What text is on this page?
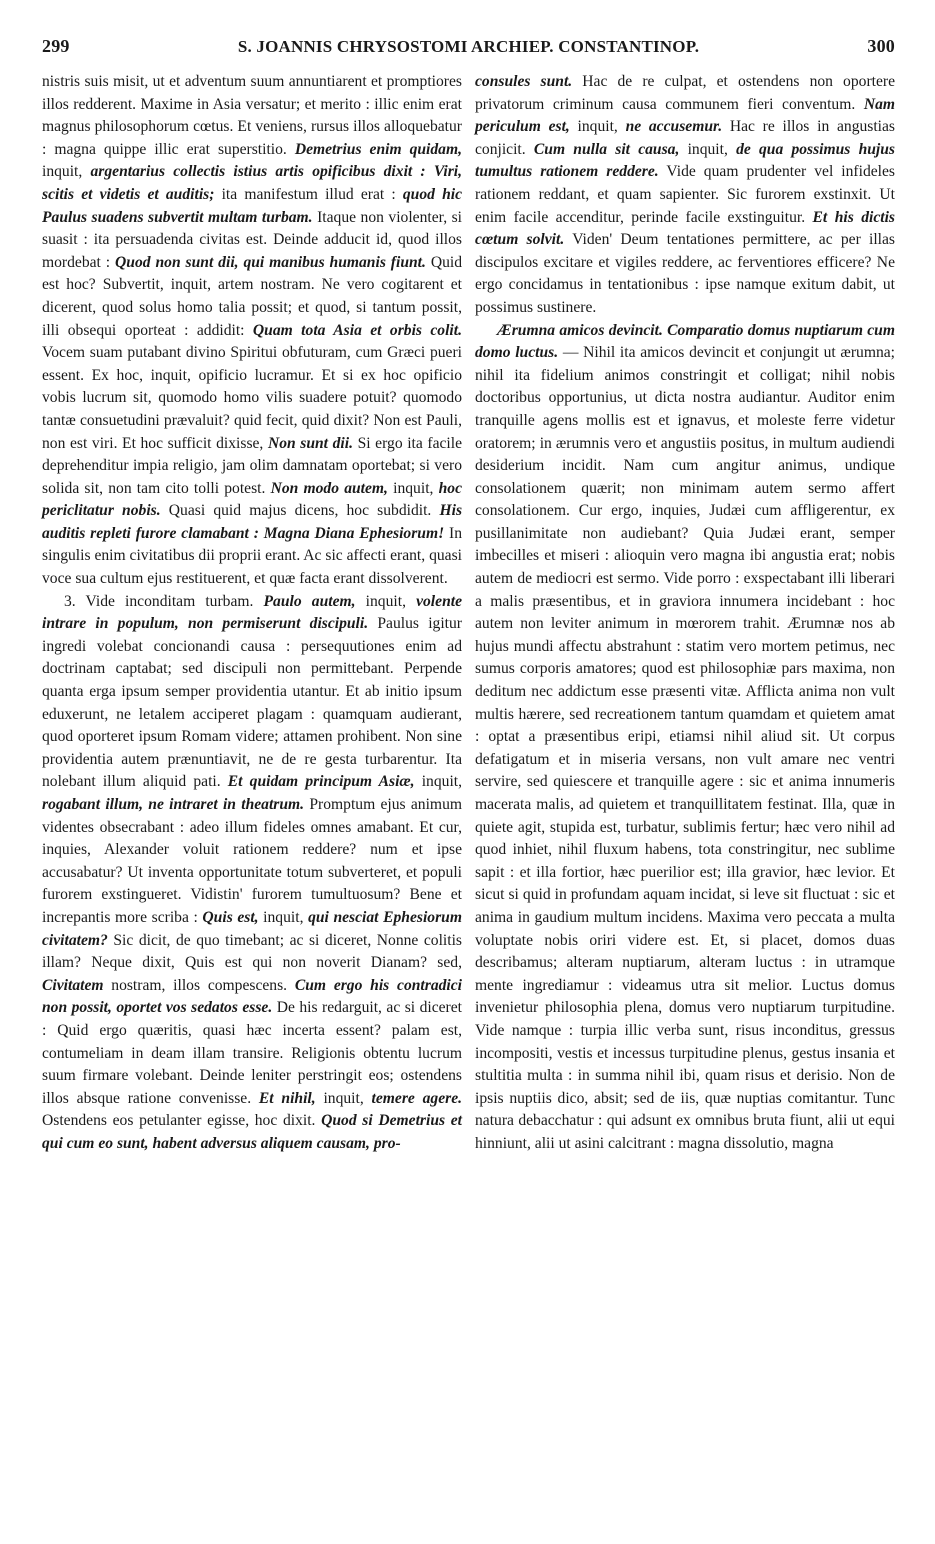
299	S. JOANNIS CHRYSOSTOMI ARCHIEP. CONSTANTINOP.	300

nistris suis misit, ut et adventum suum annuntiarent et promptiores illos redderent. Maxime in Asia versatur; et merito : illic enim erat magnus philosophorum cœtus. Et veniens, rursus illos alloquebatur : magna quippe illic erat superstitio. Demetrius enim quidam, inquit, argentarius collectis istius artis opificibus dixit : Viri, scitis et videtis et auditis; ita manifestum illud erat : quod hic Paulus suadens subvertit multam turbam. Itaque non violenter, si suasit : ita persuadenda civitas est. Deinde adducit id, quod illos mordebat : Quod non sunt dii, qui manibus humanis fiunt. Quid est hoc? Subvertit, inquit, artem nostram. Ne vero cogitarent et dicerent, quod solus homo talia possit; et quod, si tantum possit, illi obsequi oporteat : addidit: Quam tota Asia et orbis colit. Vocem suam putabant divino Spiritui obfuturam, cum Græci pueri essent. Ex hoc, inquit, opificio lucramur. Et si ex hoc opificio vobis lucrum sit, quomodo homo vilis suadere potuit? quomodo tantæ consuetudini prævaluit? quid fecit, quid dixit? Non est Pauli, non est viri. Et hoc sufficit dixisse, Non sunt dii. Si ergo ita facile deprehenditur impia religio, jam olim damnatam oportebat; si vero solida sit, non tam cito tolli potest. Non modo autem, inquit, hoc periclitatur nobis. Quasi quid majus dicens, hoc subdidit. His auditis repleti furore clamabant : Magna Diana Ephesiorum! In singulis enim civitatibus dii proprii erant. Ac sic affecti erant, quasi voce sua cultum ejus restituerent, et quæ facta erant dissolverent.

3. Vide inconditam turbam. Paulo autem, inquit, volente intrare in populum, non permiserunt discipuli. Paulus igitur ingredi volebat concionandi causa : persequutiones enim ad doctrinam captabat; sed discipuli non permittebant. Perpende quanta erga ipsum semper providentia utantur. Et ab initio ipsum eduxerunt, ne letalem acciperet plagam : quamquam audierant, quod oporteret ipsum Romam videre; attamen prohibent. Non sine providentia autem prænuntiavit, ne de re gesta turbarentur. Ita nolebant illum aliquid pati. Et quidam principum Asiæ, inquit, rogabant illum, ne intraret in theatrum. Promptum ejus animum videntes obsecrabant : adeo illum fideles omnes amabant. Et cur, inquies, Alexander voluit rationem reddere? num et ipse accusabatur? Ut inventa opportunitate totum subverteret, et populi furorem exstingueret. Vidistin' furorem tumultuosum? Bene et increpantis more scriba : Quis est, inquit, qui nesciat Ephesiorum civitatem? Sic dicit, de quo timebant; ac si diceret, Nonne colitis illam? Neque dixit, Quis est qui non noverit Dianam? sed, Civitatem nostram, illos compescens. Cum ergo his contradici non possit, oportet vos sedatos esse. De his redarguit, ac si diceret : Quid ergo quæritis, quasi hæc incerta essent? palam est, contumeliam in deam illam transire. Religionis obtentu lucrum suum firmare volebant. Deinde leniter perstringit eos; ostendens illos absque ratione convenisse. Et nihil, inquit, temere agere. Ostendens eos petulanter egisse, hoc dixit. Quod si Demetrius et qui cum eo sunt, habent adversus aliquem causam, pro-

consules sunt. Hac de re culpat, et ostendens non oportere privatorum criminum causa communem fieri conventum. Nam periculum est, inquit, ne accusemur. Hac re illos in angustias conjicit. Cum nulla sit causa, inquit, de qua possimus hujus tumultus rationem reddere. Vide quam prudenter vel infideles rationem reddant, et quam sapienter. Sic furorem exstinxit. Ut enim facile accenditur, perinde facile exstinguitur. Et his dictis cœtum solvit. Viden' Deum tentationes permittere, ac per illas discipulos excitare et vigiles reddere, ac ferventiores efficere? Ne ergo concidamus in tentationibus : ipse namque exitum dabit, ut possimus sustinere.

Ærumna amicos devincit. Comparatio domus nuptiarum cum domo luctus. — Nihil ita amicos devincit et conjungit ut ærumna; nihil ita fidelium animos constringit et colligat; nihil nobis doctoribus opportunius, ut dicta nostra audiantur. Auditor enim tranquille agens mollis est et ignavus, et moleste ferre videtur oratorem; in ærumnis vero et angustiis positus, in multum audiendi desiderium incidit. Nam cum angitur animus, undique consolationem quærit; non minimam autem sermo affert consolationem. Cur ergo, inquies, Judæi cum affligerentur, ex pusillanimitate non audiebant? Quia Judæi erant, semper imbecilles et miseri : alioquin vero magna ibi angustia erat; nobis autem de mediocri est sermo. Vide porro : exspectabant illi liberari a malis præsentibus, et in graviora innumera incidebant : hoc autem non leviter animum in mœrorem trahit. Ærumnæ nos ab hujus mundi affectu abstrahunt : statim vero mortem petimus, nec sumus corporis amatores; quod est philosophiæ pars maxima, non deditum nec addictum esse præsenti vitæ. Afflicta anima non vult multis hærere, sed recreationem tantum quamdam et quietem amat : optat a præsentibus eripi, etiamsi nihil aliud sit. Ut corpus defatigatum et in miseria versans, non vult amare nec ventri servire, sed quiescere et tranquille agere : sic et anima innumeris macerata malis, ad quietem et tranquillitatem festinat. Illa, quæ in quiete agit, stupida est, turbatur, sublimis fertur; hæc vero nihil ad quod inhiet, nihil fluxum habens, tota constringitur, nec sublime sapit : et illa fortior, hæc puerilior est; illa gravior, hæc levior. Et sicut si quid in profundam aquam incidat, si leve sit fluctuat : sic et anima in gaudium multum incidens. Maxima vero peccata a multa voluptate nobis oriri videre est. Et, si placet, domos duas describamus; alteram nuptiarum, alteram luctus : in utramque mente ingrediamur : videamus utra sit melior. Luctus domus invenietur philosophia plena, domus vero nuptiarum turpitudine. Vide namque : turpia illic verba sunt, risus inconditus, gressus incompositi, vestis et incessus turpitudine plenus, gestus insania et stultitia multa : in summa nihil ibi, quam risus et derisio. Non de ipsis nuptiis dico, absit; sed de iis, quæ nuptias comitantur. Tunc natura debacchatur : qui adsunt ex omnibus bruta fiunt, alii ut equi hinniunt, alii ut asini calcitrant : magna dissolutio, magna
